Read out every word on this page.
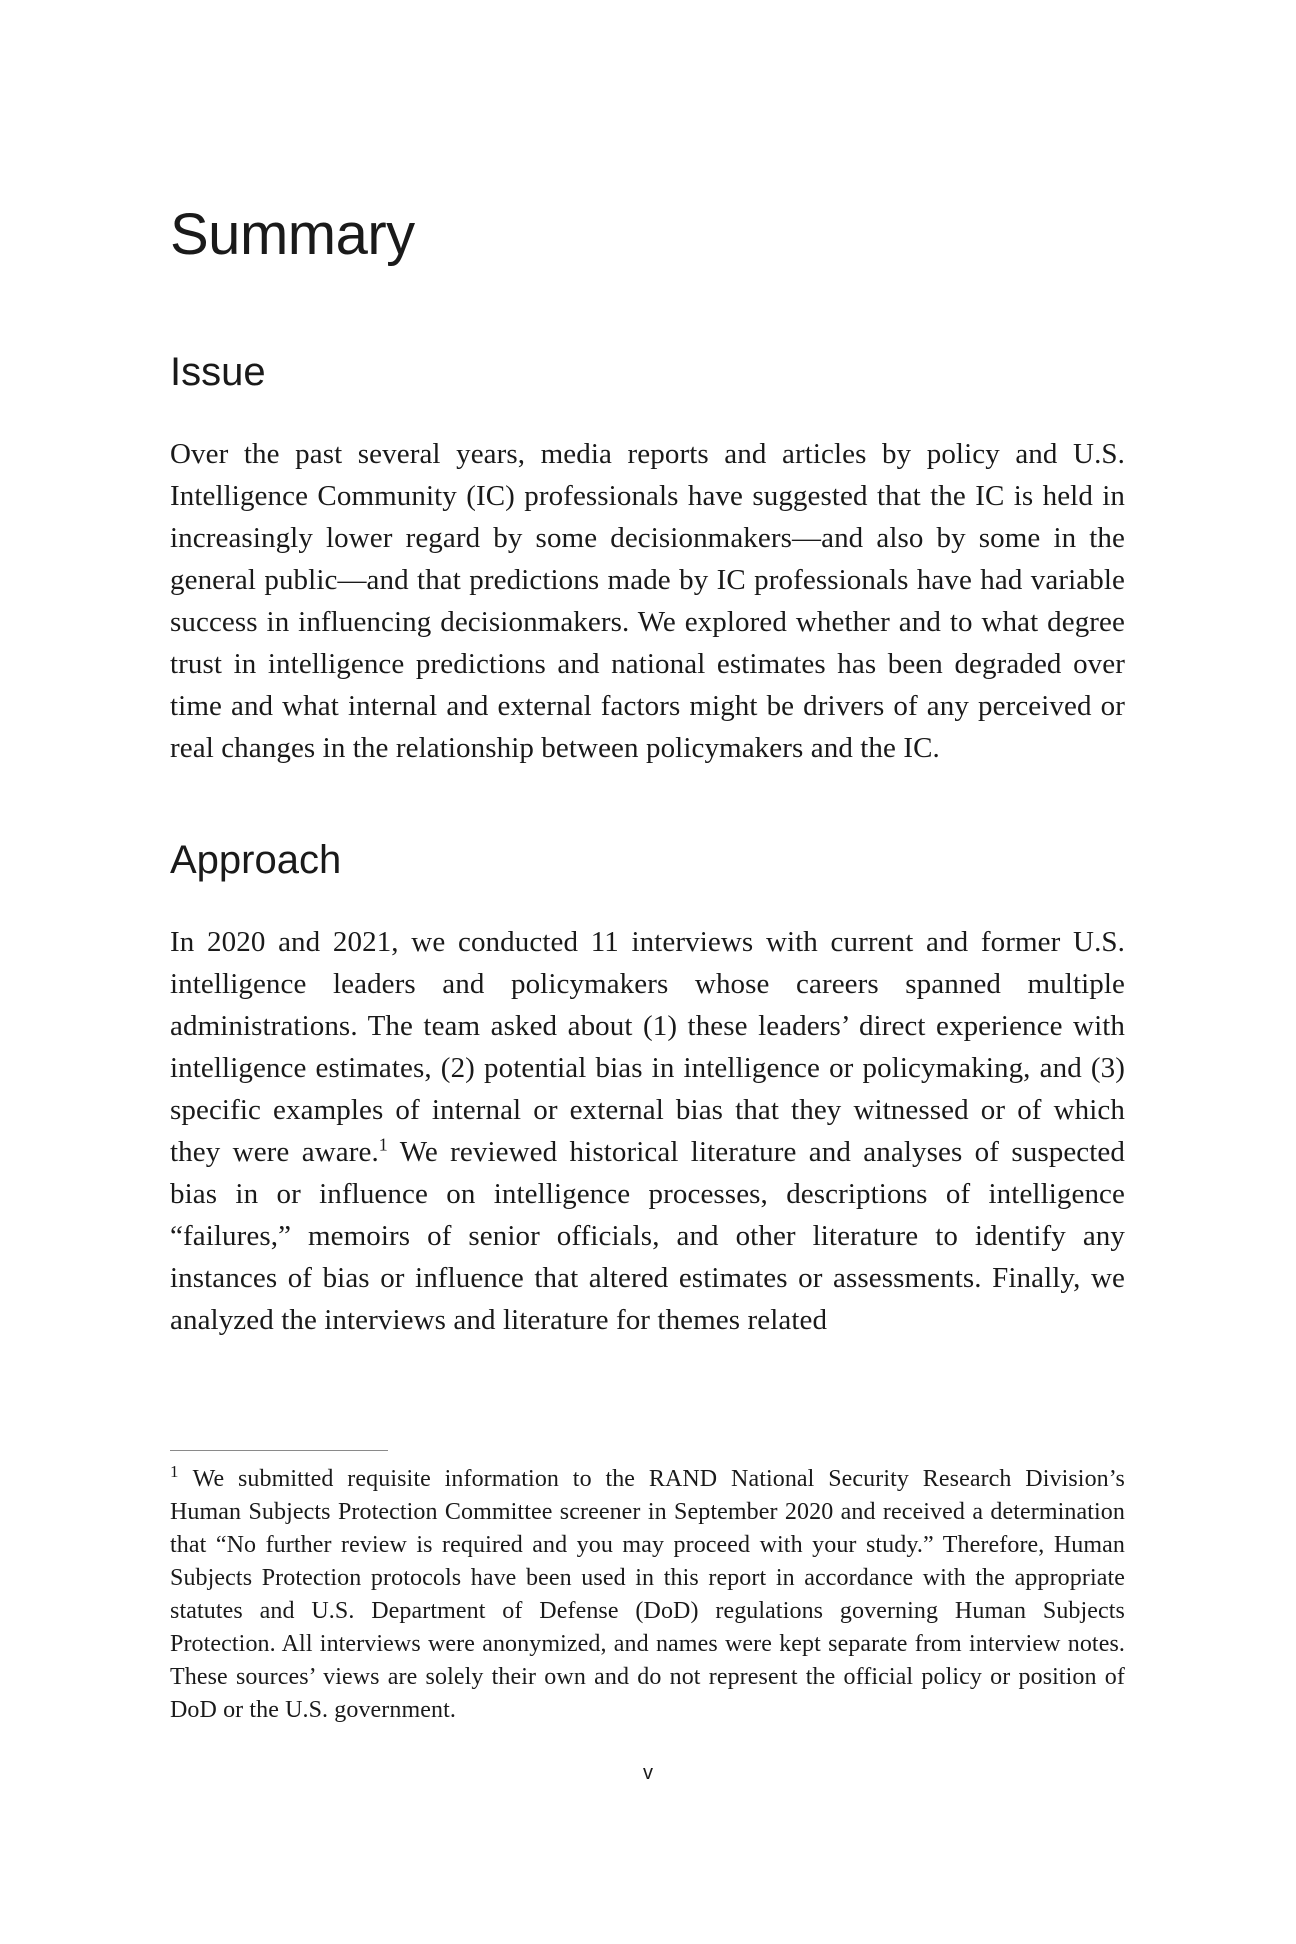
Summary
Issue

Over the past several years, media reports and articles by policy and U.S. Intelligence Community (IC) professionals have suggested that the IC is held in increasingly lower regard by some decisionmakers—and also by some in the general public—and that predictions made by IC professionals have had variable success in influencing decisionmakers. We explored whether and to what degree trust in intelligence predictions and national estimates has been degraded over time and what internal and external factors might be drivers of any perceived or real changes in the relationship between policymakers and the IC.

Approach

In 2020 and 2021, we conducted 11 interviews with current and former U.S. intelligence leaders and policymakers whose careers spanned multiple administrations. The team asked about (1) these leaders’ direct experience with intelligence estimates, (2) potential bias in intelligence or policymaking, and (3) specific examples of internal or external bias that they witnessed or of which they were aware.$^1$ We reviewed historical literature and analyses of suspected bias in or influence on intelligence processes, descriptions of intelligence “failures,” memoirs of senior officials, and other literature to identify any instances of bias or influence that altered estimates or assessments. Finally, we analyzed the interviews and literature for themes related

$^1$ We submitted requisite information to the RAND National Security Research Division’s Human Subjects Protection Committee screener in September 2020 and received a determination that “No further review is required and you may proceed with your study.” Therefore, Human Subjects Protection protocols have been used in this report in accordance with the appropriate statutes and U.S. Department of Defense (DoD) regulations governing Human Subjects Protection. All interviews were anonymized, and names were kept separate from interview notes. These sources’ views are solely their own and do not represent the official policy or position of DoD or the U.S. government.

v
